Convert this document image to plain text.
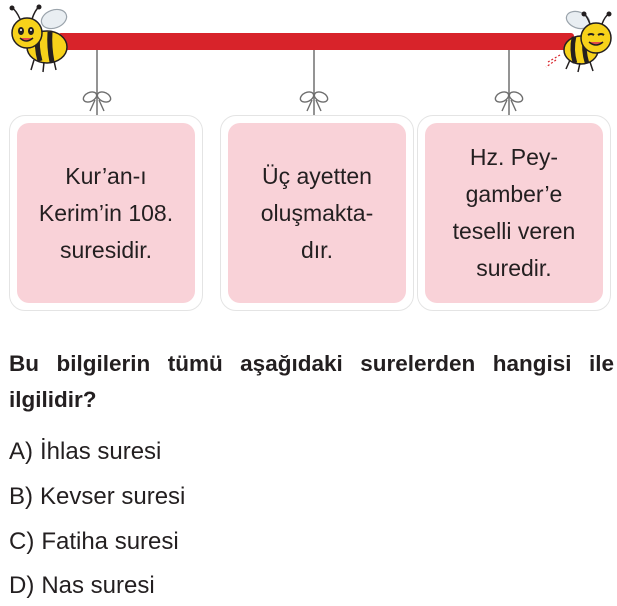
Kur’an-ı
Kerim’in 108.
suresidir.
Üç ayetten
oluşmakta-
dır.
Hz. Pey-
gamber’e
teselli veren
suredir.

Bu bilgilerin tümü aşağıdaki surelerden hangisi ile ilgilidir?

A) İhlas suresi
B) Kevser suresi
C) Fatiha suresi
D) Nas suresi
